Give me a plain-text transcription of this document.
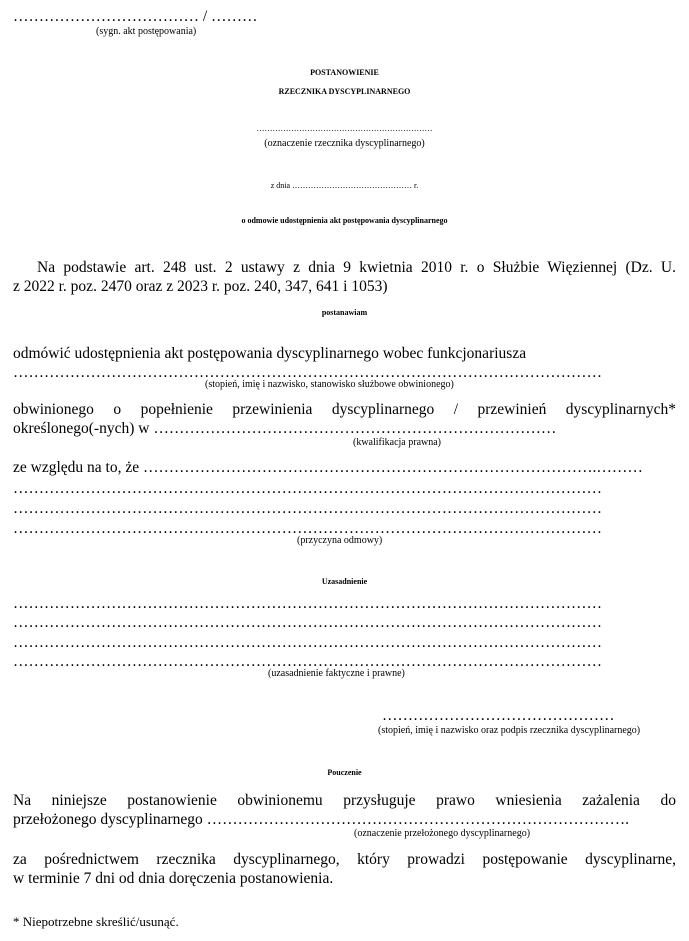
……………………………… / ………
(sygn. akt postępowania)
POSTANOWIENIE
RZECZNIKA DYSCYPLINARNEGO
…………………………………………………………
(oznaczenie rzecznika dyscyplinarnego)
z dnia ……………………………………… r.
o odmowie udostępnienia akt postępowania dyscyplinarnego
Na podstawie art. 248 ust. 2 ustawy z dnia 9 kwietnia 2010 r. o Służbie Więziennej (Dz. U.
z 2022 r. poz. 2470 oraz z 2023 r. poz. 240, 347, 641 i 1053)
postanawiam
odmówić udostępnienia akt postępowania dyscyplinarnego wobec funkcjonariusza
……………………………………………………………………………………………………
(stopień, imię i nazwisko, stanowisko służbowe obwinionego)
obwinionego o popełnienie przewinienia dyscyplinarnego / przewinień dyscyplinarnych*
określonego(-nych) w ……………………………………………………………………
(kwalifikacja prawna)
ze względu na to, że …………………………………………………………………………….………
……………………………………………………………………………………………………
……………………………………………………………………………………………………
……………………………………………………………………………………………………
(przyczyna odmowy)
Uzasadnienie
……………………………………………………………………………………………………
……………………………………………………………………………………………………
……………………………………………………………………………………………………
……………………………………………………………………………………………………
(uzasadnienie faktyczne i prawne)
………………………………………
(stopień, imię i nazwisko oraz podpis rzecznika dyscyplinarnego)
Pouczenie
Na niniejsze postanowienie obwinionemu przysługuje prawo wniesienia zażalenia do
przełożonego dyscyplinarnego ……………………………………………………………………….
(oznaczenie przełożonego dyscyplinarnego)
za pośrednictwem rzecznika dyscyplinarnego, który prowadzi postępowanie dyscyplinarne,
w terminie 7 dni od dnia doręczenia postanowienia.
* Niepotrzebne skreślić/usunąć.
